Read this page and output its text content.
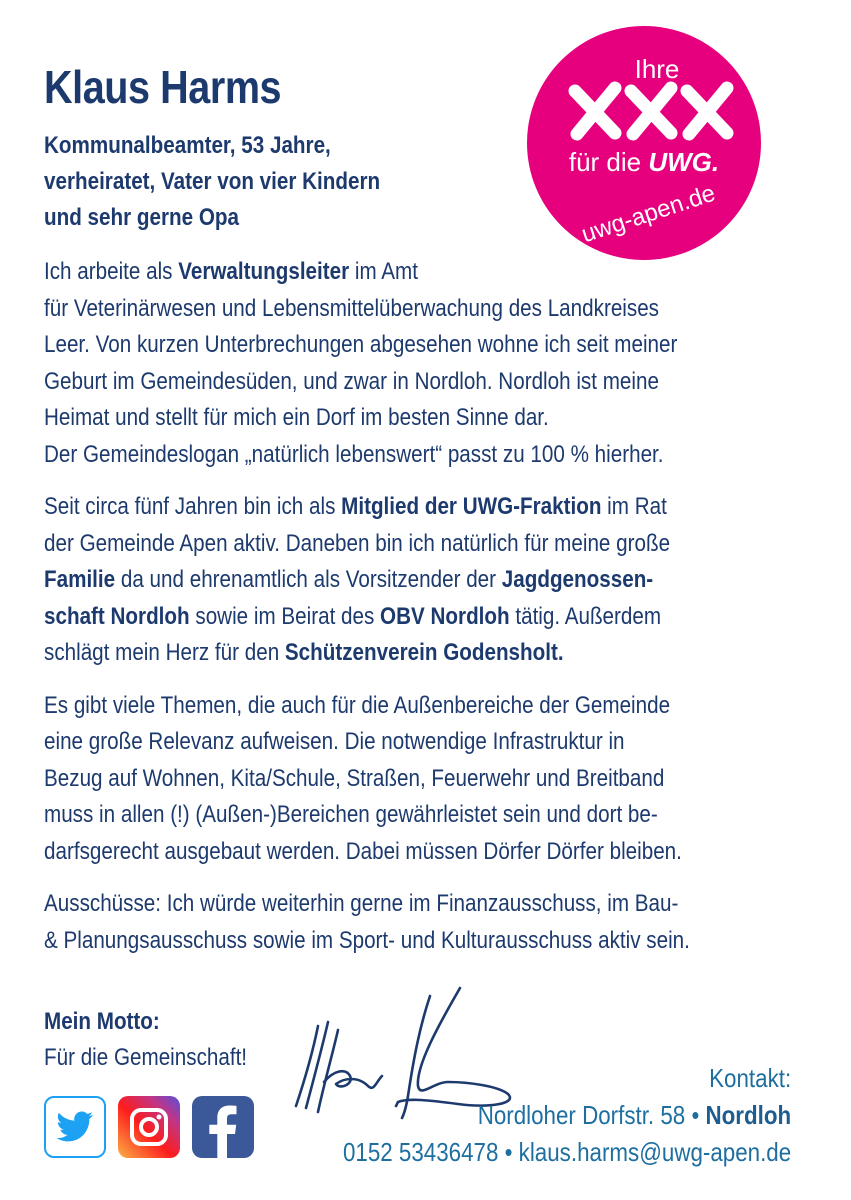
Klaus Harms
Kommunalbeamter, 53 Jahre,
verheiratet, Vater von vier Kindern
und sehr gerne Opa
Ihre
für die UWG.
uwg-apen.de
Ich arbeite als Verwaltungsleiter im Amt
für Veterinärwesen und Lebensmittelüberwachung des Landkreises
Leer. Von kurzen Unterbrechungen abgesehen wohne ich seit meiner
Geburt im Gemeindesüden, und zwar in Nordloh. Nordloh ist meine
Heimat und stellt für mich ein Dorf im besten Sinne dar.
Der Gemeindeslogan „natürlich lebenswert“ passt zu 100 % hierher.
Seit circa fünf Jahren bin ich als Mitglied der UWG-Fraktion im Rat
der Gemeinde Apen aktiv. Daneben bin ich natürlich für meine große
Familie da und ehrenamtlich als Vorsitzender der Jagdgenossen-
schaft Nordloh sowie im Beirat des OBV Nordloh tätig. Außerdem
schlägt mein Herz für den Schützenverein Godensholt.
Es gibt viele Themen, die auch für die Außenbereiche der Gemeinde
eine große Relevanz aufweisen. Die notwendige Infrastruktur in
Bezug auf Wohnen, Kita/Schule, Straßen, Feuerwehr und Breitband
muss in allen (!) (Außen-)Bereichen gewährleistet sein und dort be-
darfsgerecht ausgebaut werden. Dabei müssen Dörfer Dörfer bleiben.
Ausschüsse: Ich würde weiterhin gerne im Finanzausschuss, im Bau-
& Planungsausschuss sowie im Sport- und Kulturausschuss aktiv sein.
Mein Motto:
Für die Gemeinschaft!
Kontakt:
Nordloher Dorfstr. 58 • Nordloh
0152 53436478 • klaus.harms@uwg-apen.de
